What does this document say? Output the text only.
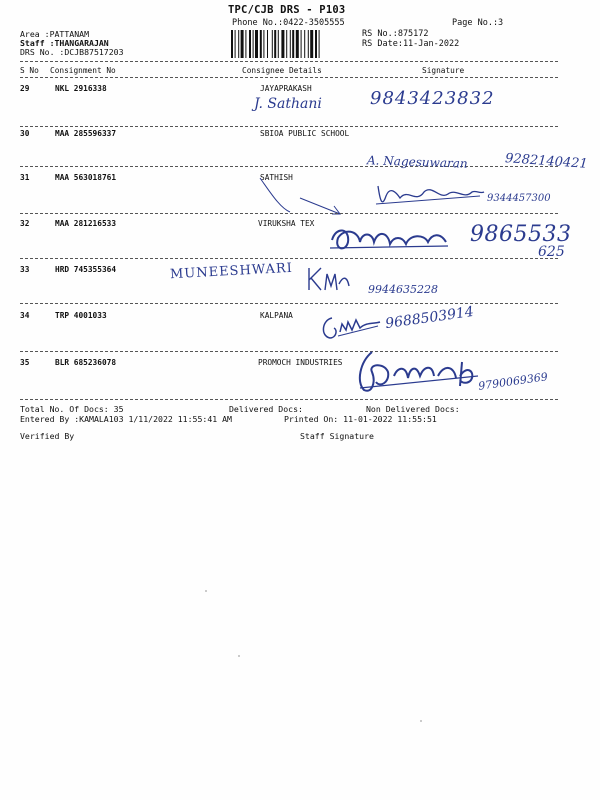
TPC/CJB DRS - P103
Phone No.:0422-3505555	Page No.:3
Area :PATTANAM
Staff :THANGARAJAN
DRS No. :DCJB87517203
RS No.:875172
RS Date:11-Jan-2022
S No Consignment No	Consignee Details	Signature
29	NKL 2916338	JAYAPRAKASH
J. Sathani	9843423832
30	MAA 285596337	SBIOA PUBLIC SCHOOL
A. Nagesuwaran	9282140421
31	MAA 563018761	SATHISH
9344457300
32	MAA 281216533	VIRUKSHA TEX	9865533
625
33	HRD 745355364	MUNEESHWARI
9944635228
34	TRP 4001033	KALPANA	9688503914
35	BLR 685236078	PROMOCH INDUSTRIES
9790069369
Total No. Of Docs: 35	Delivered Docs:	Non Delivered Docs:
Entered By :KAMALA103 1/11/2022 11:55:41 AM	Printed On: 11-01-2022 11:55:51
Verified By	Staff Signature
